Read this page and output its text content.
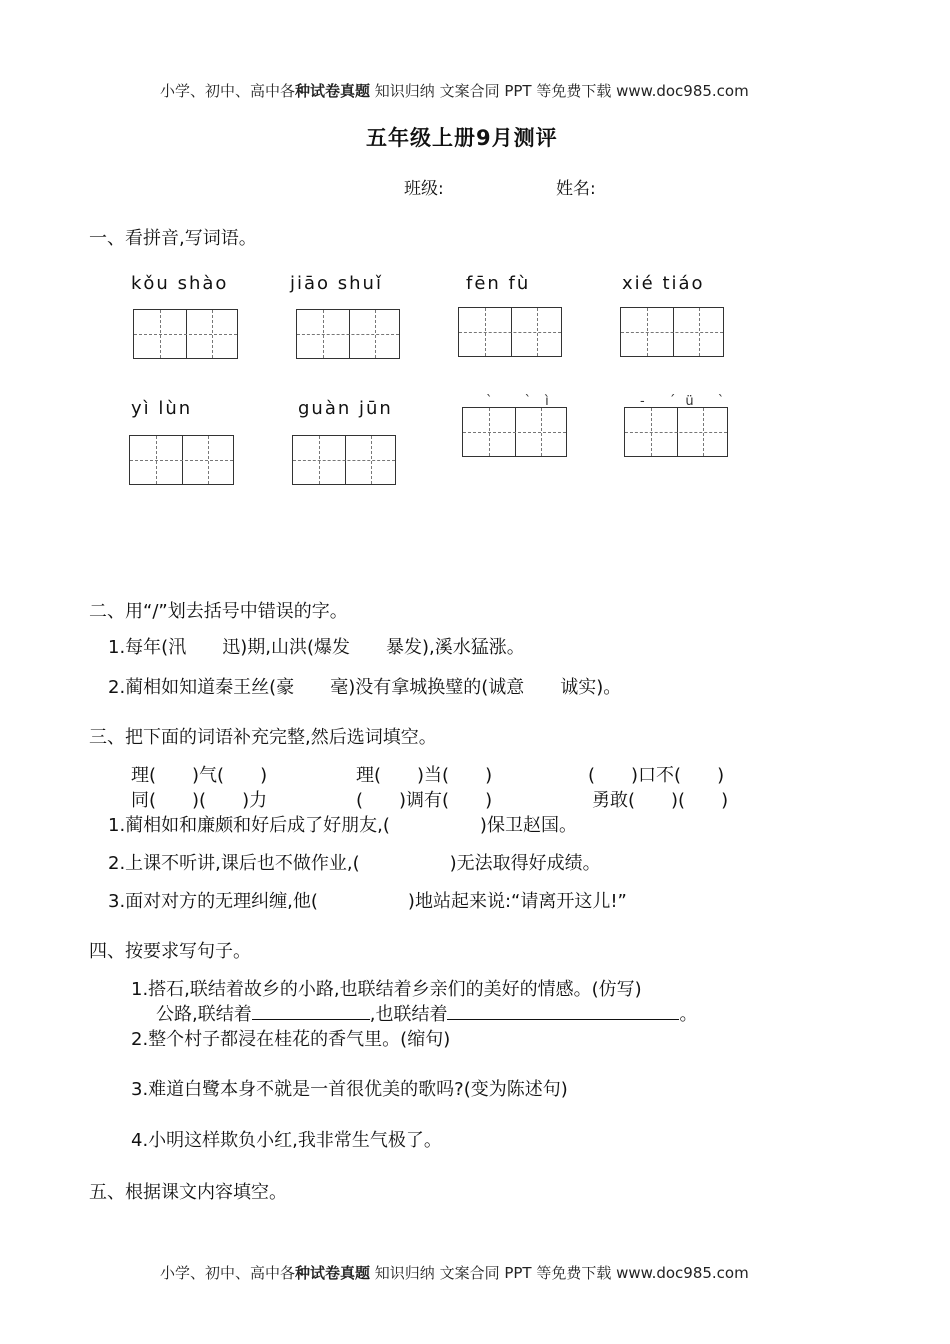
小学、初中、高中各种试卷真题 知识归纳 文案合同 PPT 等免费下载 www.doc985.com
五年级上册9月测评
班级:	姓名:
一、看拼音,写词语。
kǒu shào	jiāo shuǐ	fēn fù	xié tiáo
yì lùn	guàn jūn	` `ì	- ˊü `
二、用“/”划去括号中错误的字。
1.每年(汛　　迅)期,山洪(爆发　　暴发),溪水猛涨。
2.蔺相如知道秦王丝(豪　　毫)没有拿城换璧的(诚意　　诚实)。
三、把下面的词语补充完整,然后选词填空。
理(　　)气(　　)	理(　　)当(　　)	(　　)口不(　　)
同(　　)(　　)力	(　　)调有(　　)	勇敢(　　)(　　)
1.蔺相如和廉颇和好后成了好朋友,(　　　　　)保卫赵国。
2.上课不听讲,课后也不做作业,(　　　　　)无法取得好成绩。
3.面对对方的无理纠缠,他(　　　　　)地站起来说:“请离开这儿!”
四、按要求写句子。
1.搭石,联结着故乡的小路,也联结着乡亲们的美好的情感。(仿写)
公路,联结着	,也联结着	。
2.整个村子都浸在桂花的香气里。(缩句)
3.难道白鹭本身不就是一首很优美的歌吗?(变为陈述句)
4.小明这样欺负小红,我非常生气极了。
五、根据课文内容填空。
小学、初中、高中各种试卷真题 知识归纳 文案合同 PPT 等免费下载 www.doc985.com
